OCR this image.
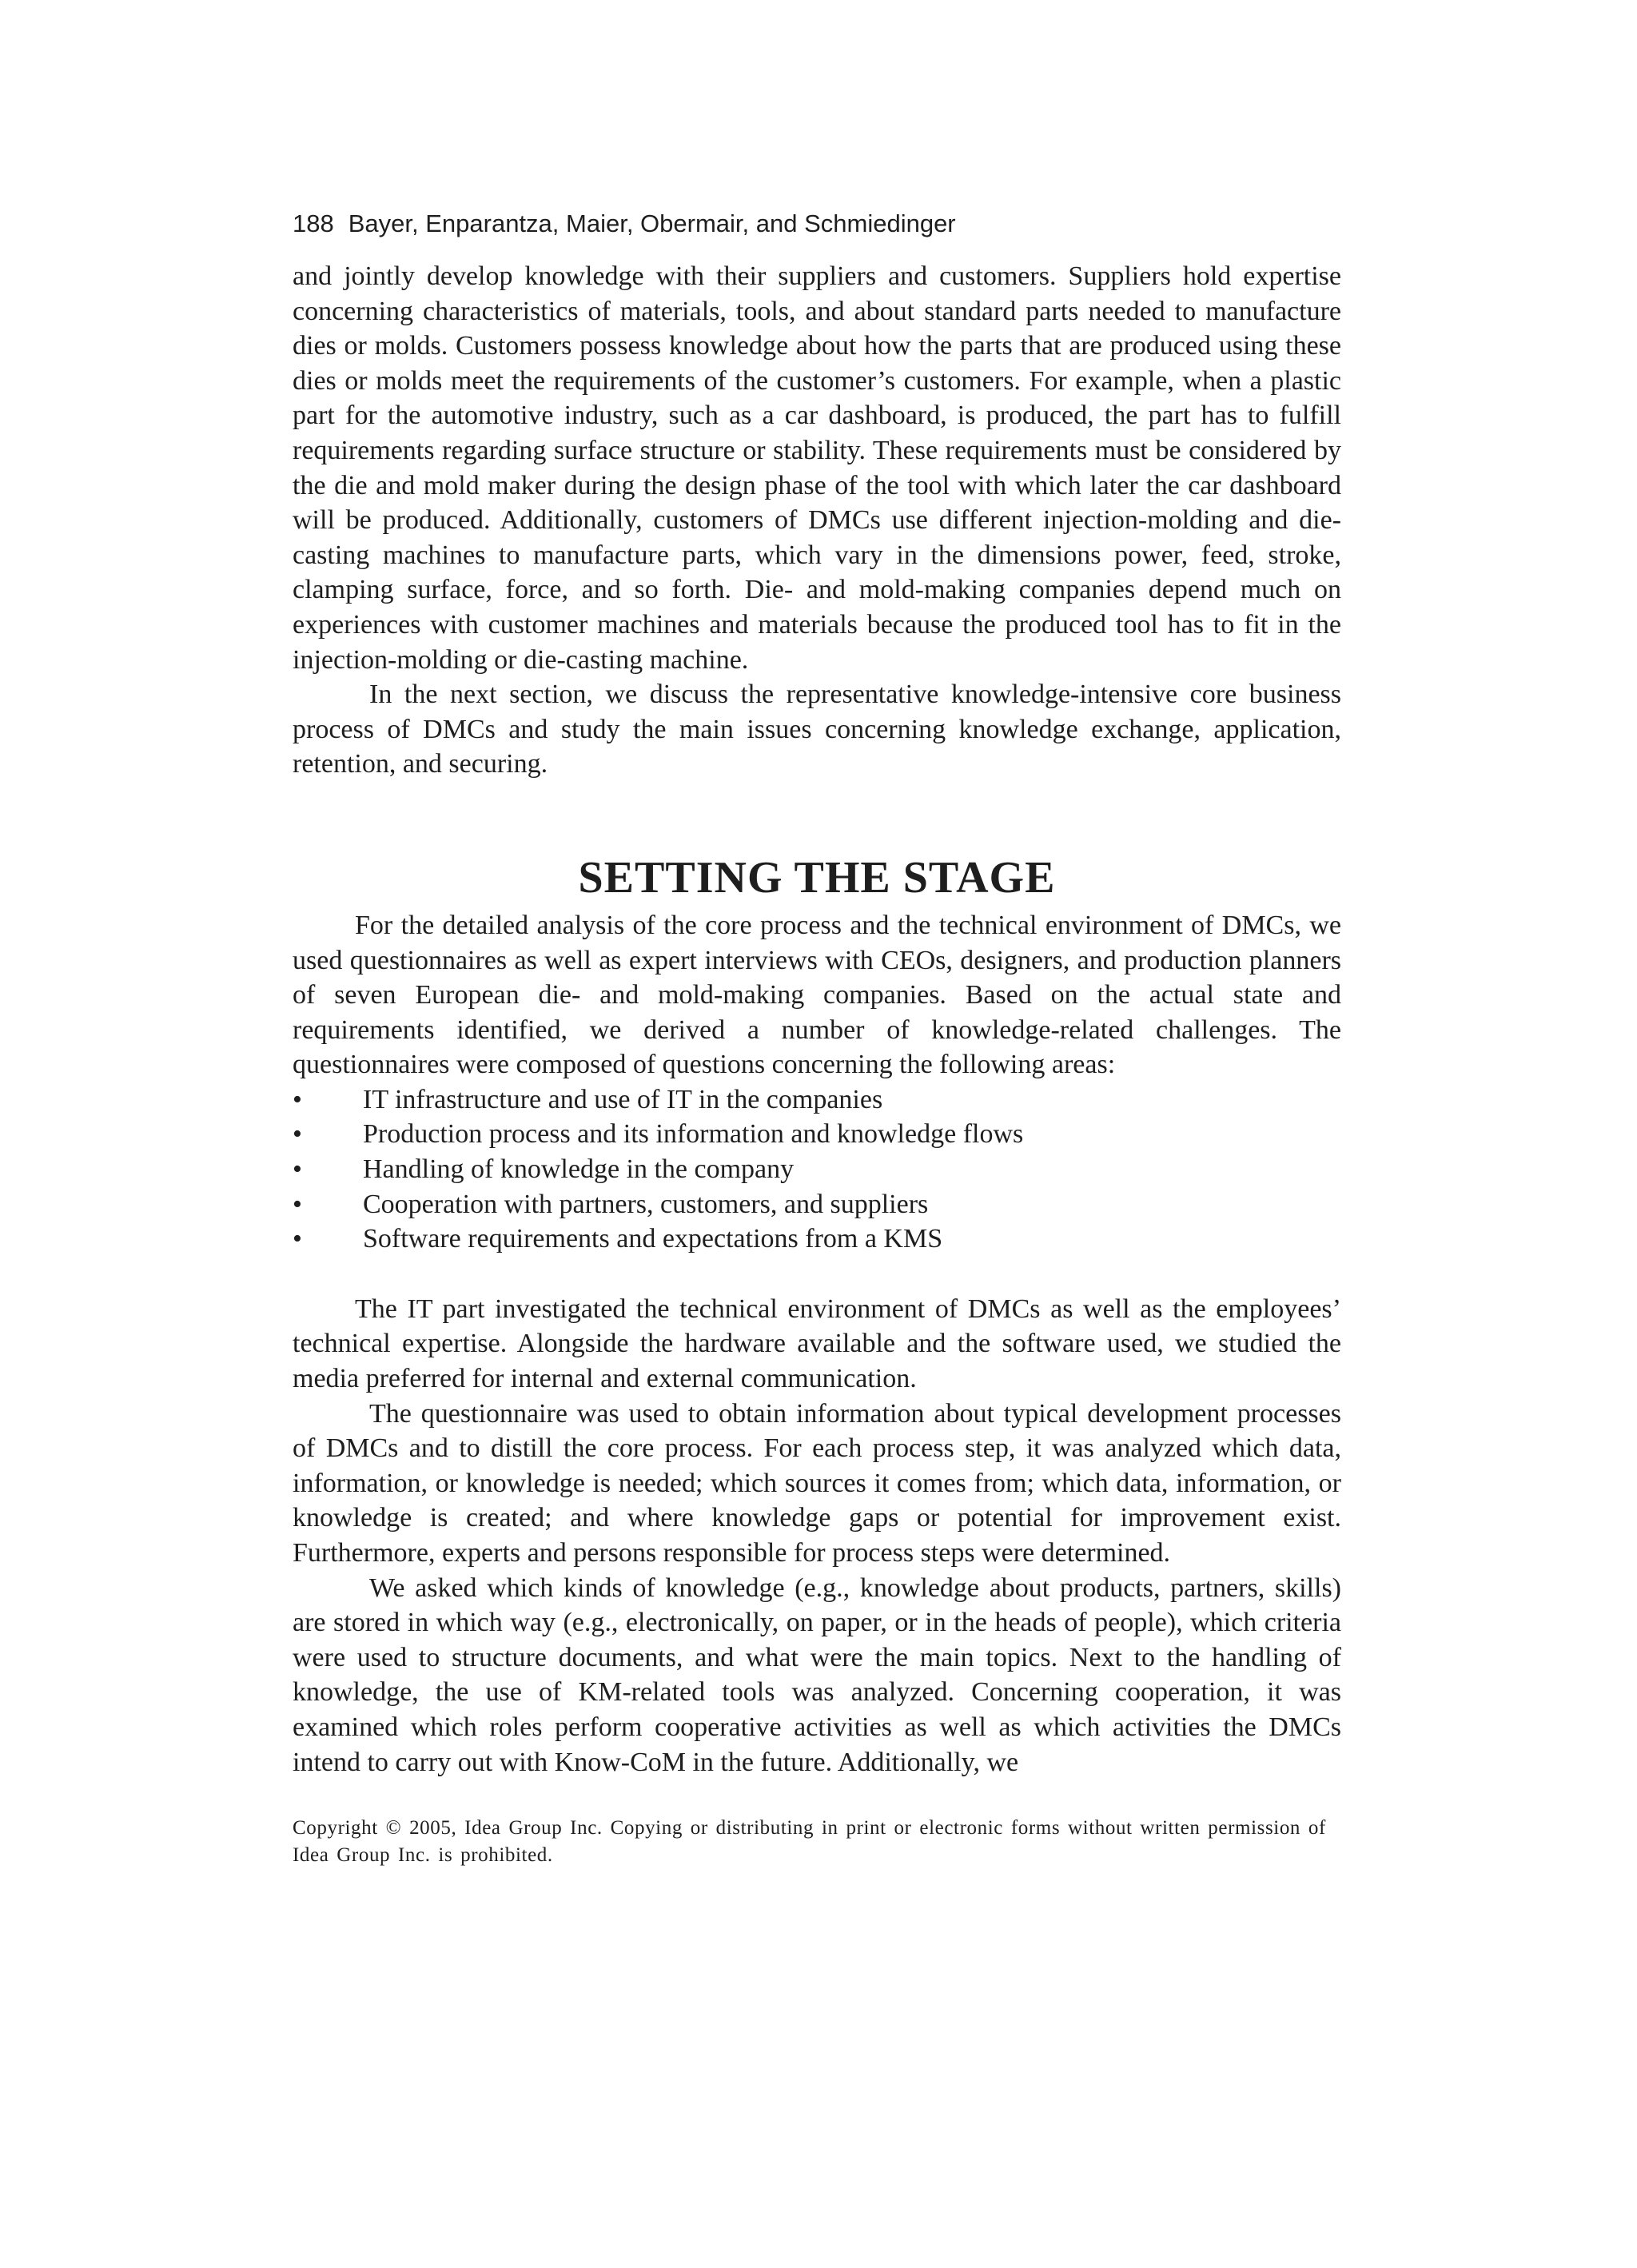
188 Bayer, Enparantza, Maier, Obermair, and Schmiedinger

and jointly develop knowledge with their suppliers and customers. Suppliers hold expertise concerning characteristics of materials, tools, and about standard parts needed to manufacture dies or molds. Customers possess knowledge about how the parts that are produced using these dies or molds meet the requirements of the customer’s customers. For example, when a plastic part for the automotive industry, such as a car dashboard, is produced, the part has to fulfill requirements regarding surface structure or stability. These requirements must be considered by the die and mold maker during the design phase of the tool with which later the car dashboard will be produced. Additionally, customers of DMCs use different injection-molding and die-casting machines to manufacture parts, which vary in the dimensions power, feed, stroke, clamping surface, force, and so forth. Die- and mold-making companies depend much on experiences with customer machines and materials because the produced tool has to fit in the injection-molding or die-casting machine.

In the next section, we discuss the representative knowledge-intensive core business process of DMCs and study the main issues concerning knowledge exchange, application, retention, and securing.

SETTING THE STAGE

For the detailed analysis of the core process and the technical environment of DMCs, we used questionnaires as well as expert interviews with CEOs, designers, and production planners of seven European die- and mold-making companies. Based on the actual state and requirements identified, we derived a number of knowledge-related challenges. The questionnaires were composed of questions concerning the following areas:

• IT infrastructure and use of IT in the companies
• Production process and its information and knowledge flows
• Handling of knowledge in the company
• Cooperation with partners, customers, and suppliers
• Software requirements and expectations from a KMS

The IT part investigated the technical environment of DMCs as well as the employees’ technical expertise. Alongside the hardware available and the software used, we studied the media preferred for internal and external communication.

The questionnaire was used to obtain information about typical development processes of DMCs and to distill the core process. For each process step, it was analyzed which data, information, or knowledge is needed; which sources it comes from; which data, information, or knowledge is created; and where knowledge gaps or potential for improvement exist. Furthermore, experts and persons responsible for process steps were determined.

We asked which kinds of knowledge (e.g., knowledge about products, partners, skills) are stored in which way (e.g., electronically, on paper, or in the heads of people), which criteria were used to structure documents, and what were the main topics. Next to the handling of knowledge, the use of KM-related tools was analyzed. Concerning cooperation, it was examined which roles perform cooperative activities as well as which activities the DMCs intend to carry out with Know-CoM in the future. Additionally, we

Copyright © 2005, Idea Group Inc. Copying or distributing in print or electronic forms without written permission of Idea Group Inc. is prohibited.
